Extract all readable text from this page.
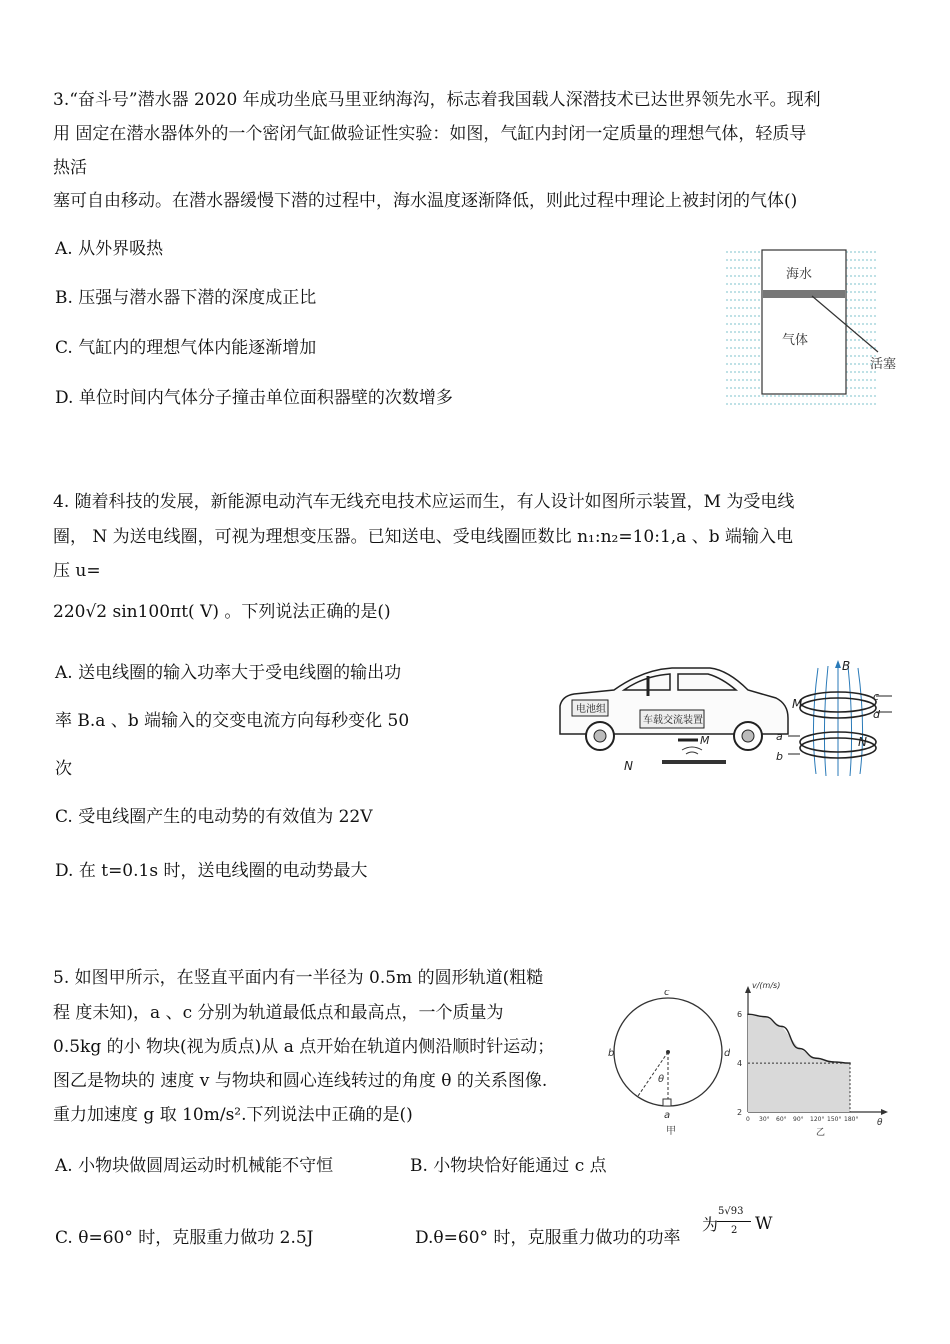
3.“奋斗号”潜水器 2020 年成功坐底马里亚纳海沟，标志着我国载人深潜技术已达世界领先水平。现利
用 固定在潜水器体外的一个密闭气缸做验证性实验：如图，气缸内封闭一定质量的理想气体，轻质导
热活
塞可自由移动。在潜水器缓慢下潜的过程中，海水温度逐渐降低，则此过程中理论上被封闭的气体()
A. 从外界吸热
B. 压强与潜水器下潜的深度成正比
C. 气缸内的理想气体内能逐渐增加
D. 单位时间内气体分子撞击单位面积器壁的次数增多
海水
气体
活塞
4. 随着科技的发展，新能源电动汽车无线充电技术应运而生，有人设计如图所示装置，M 为受电线
圈， N 为送电线圈，可视为理想变压器。已知送电、受电线圈匝数比 n₁:n₂=10:1,a 、b 端输入电
压 u=
220√2 sin100πt( V) 。下列说法正确的是()
A. 送电线圈的输入功率大于受电线圈的输出功
率 B.a 、b 端输入的交变电流方向每秒变化 50
次
C. 受电线圈产生的电动势的有效值为 22V
D. 在 t=0.1s 时，送电线圈的电动势最大
电池组
车载交流装置
M
N
B
M
N
c
d
a
b
5. 如图甲所示，在竖直平面内有一半径为 0.5m 的圆形轨道(粗糙
程 度未知)，a 、c 分别为轨道最低点和最高点，一个质量为
0.5kg 的小 物块(视为质点)从 a 点开始在轨道内侧沿顺时针运动；
图乙是物块的 速度 v 与物块和圆心连线转过的角度 θ 的关系图像.
重力加速度 g 取 10m/s².下列说法中正确的是()
A. 小物块做圆周运动时机械能不守恒	B. 小物块恰好能通过 c 点
C. θ=60° 时，克服重力做功 2.5J	D.θ=60° 时，克服重力做功的功率
为
5√93
2 W
c
b	d
a
θ
甲
v/(m/s)
θ
乙
6
4
2
0 30° 60° 90° 120° 150° 180°
